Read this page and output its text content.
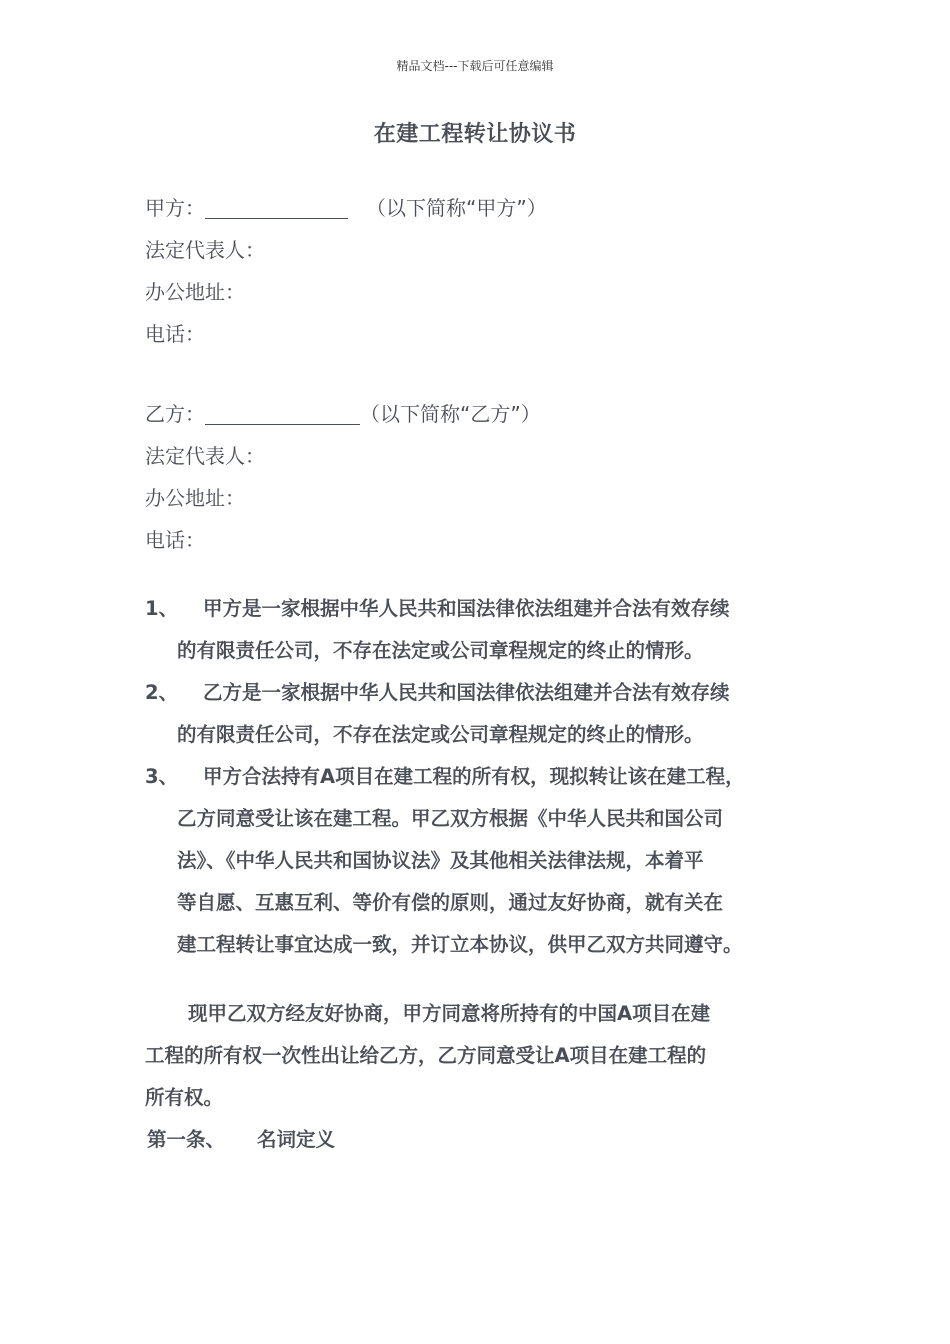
精品文档---下载后可任意编辑
在建工程转让协议书
甲方：	（以下简称“甲方”）
法定代表人：
办公地址：
电话：
乙方：	（以下简称“乙方”）
法定代表人：
办公地址：
电话：
1、 甲方是一家根据中华人民共和国法律依法组建并合法有效存续
的有限责任公司，不存在法定或公司章程规定的终止的情形。
2、 乙方是一家根据中华人民共和国法律依法组建并合法有效存续
的有限责任公司，不存在法定或公司章程规定的终止的情形。
3、 甲方合法持有A项目在建工程的所有权，现拟转让该在建工程，
乙方同意受让该在建工程。甲乙双方根据《中华人民共和国公司
法》、《中华人民共和国协议法》及其他相关法律法规，本着平
等自愿、互惠互利、等价有偿的原则，通过友好协商，就有关在
建工程转让事宜达成一致，并订立本协议，供甲乙双方共同遵守。
现甲乙双方经友好协商，甲方同意将所持有的中国A项目在建
工程的所有权一次性出让给乙方，乙方同意受让A项目在建工程的
所有权。
第一条、 名词定义
